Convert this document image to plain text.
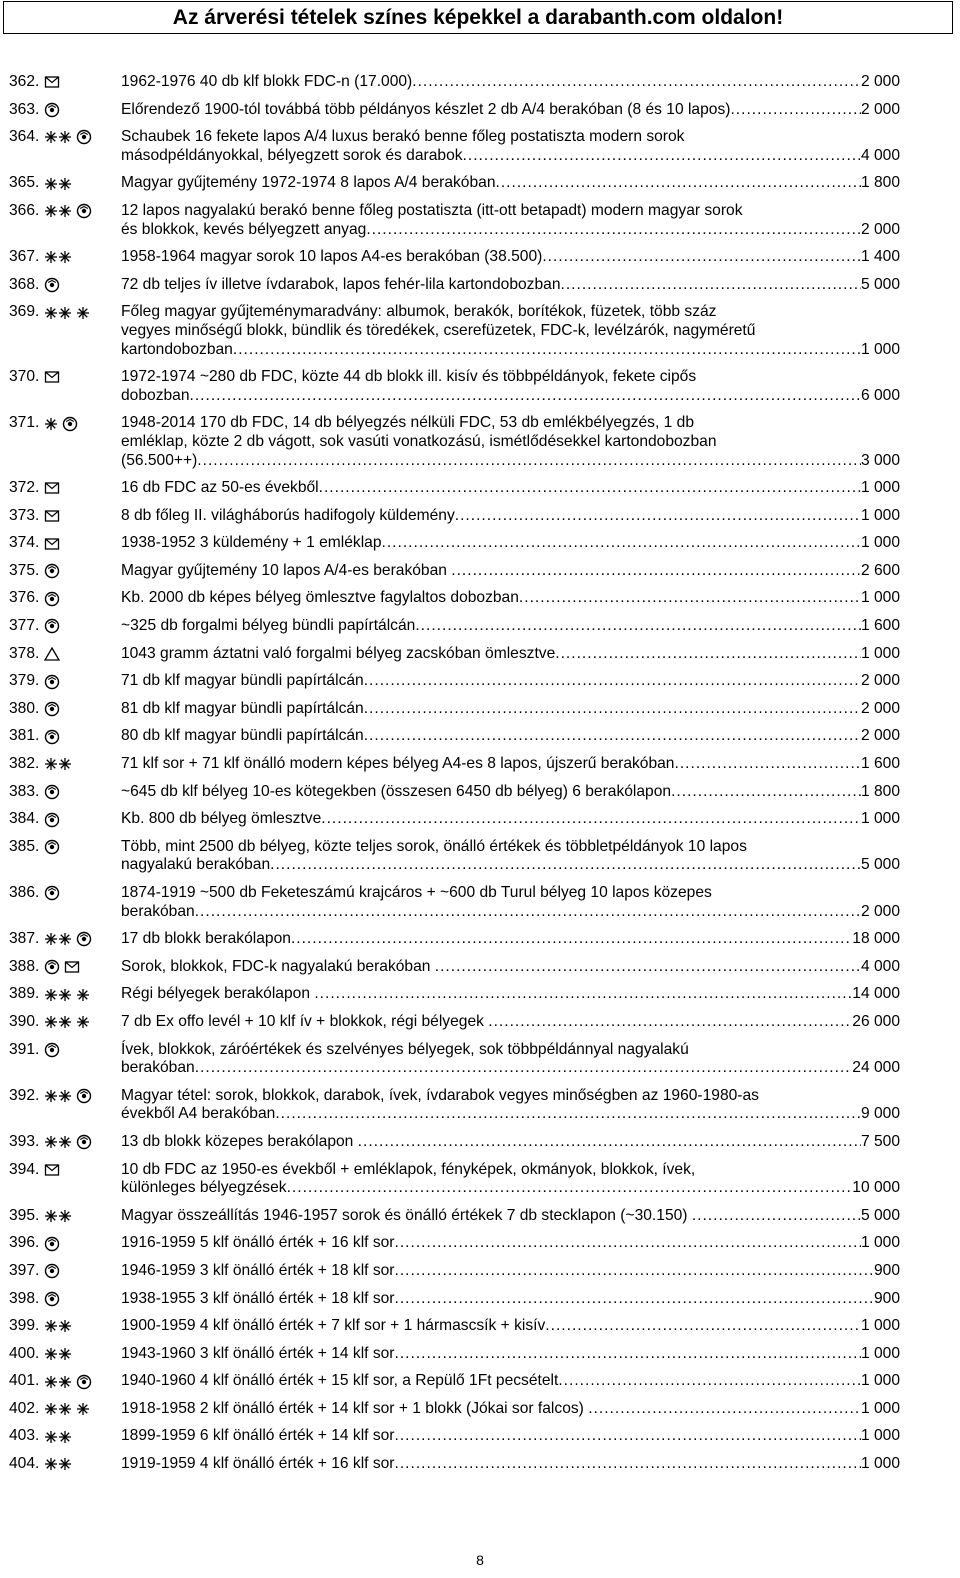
Az árverési tételek színes képekkel a darabanth.com oldalon!
362.	1962-1976 40 db klf blokk FDC-n (17.000) .....	2 000
363.	Előrendező 1900-tól továbbá több példányos készlet 2 db A/4 berakóban (8 és 10 lapos) .....	2 000
364.	Schaubek 16 fekete lapos A/4 luxus berakó benne főleg postatiszta modern sorok
másodpéldányokkal, bélyegzett sorok és darabok .....	4 000
365.	Magyar gyűjtemény 1972-1974 8 lapos A/4 berakóban .....	1 800
366.	12 lapos nagyalakú berakó benne főleg postatiszta (itt-ott betapadt) modern magyar sorok
és blokkok, kevés bélyegzett anyag .....	2 000
367.	1958-1964 magyar sorok 10 lapos A4-es berakóban (38.500) .....	1 400
368.	72 db teljes ív illetve ívdarabok, lapos fehér-lila kartondobozban .....	5 000
369.	Főleg magyar gyűjteménymaradvány: albumok, berakók, borítékok, füzetek, több száz
vegyes minőségű blokk, bündlik és töredékek, cserefüzetek, FDC-k, levélzárók, nagyméretű
kartondobozban .....	1 000
370.	1972-1974 ~280 db FDC, közte 44 db blokk ill. kisív és többpéldányok, fekete cipős
dobozban .....	6 000
371.	1948-2014 170 db FDC, 14 db bélyegzés nélküli FDC, 53 db emlékbélyegzés, 1 db
emléklap, közte 2 db vágott, sok vasúti vonatkozású, ismétlődésekkel kartondobozban
(56.500++) .....	3 000
372.	16 db FDC az 50-es évekből .....	1 000
373.	8 db főleg II. világháborús hadifogoly küldemény .....	1 000
374.	1938-1952 3 küldemény + 1 emléklap .....	1 000
375.	Magyar gyűjtemény 10 lapos A/4-es berakóban .....	2 600
376.	Kb. 2000 db képes bélyeg ömlesztve fagylaltos dobozban .....	1 000
377.	~325 db forgalmi bélyeg bündli papírtálcán .....	1 600
378.	1043 gramm áztatni való forgalmi bélyeg zacskóban ömlesztve .....	1 000
379.	71 db klf magyar bündli papírtálcán .....	2 000
380.	81 db klf magyar bündli papírtálcán .....	2 000
381.	80 db klf magyar bündli papírtálcán .....	2 000
382.	71 klf sor + 71 klf önálló modern képes bélyeg A4-es 8 lapos, újszerű berakóban .....	1 600
383.	~645 db klf bélyeg 10-es kötegekben (összesen 6450 db bélyeg) 6 berakólapon .....	1 800
384.	Kb. 800 db bélyeg ömlesztve .....	1 000
385.	Több, mint 2500 db bélyeg, közte teljes sorok, önálló értékek és többletpéldányok 10 lapos
nagyalakú berakóban .....	5 000
386.	1874-1919 ~500 db Feketeszámú krajcáros + ~600 db Turul bélyeg 10 lapos közepes
berakóban .....	2 000
387.	17 db blokk berakólapon .....	18 000
388.	Sorok, blokkok, FDC-k nagyalakú berakóban .....	4 000
389.	Régi bélyegek berakólapon .....	14 000
390.	7 db Ex offo levél + 10 klf ív + blokkok, régi bélyegek .....	26 000
391.	Ívek, blokkok, záróértékek és szelvényes bélyegek, sok többpéldánnyal nagyalakú
berakóban .....	24 000
392.	Magyar tétel: sorok, blokkok, darabok, ívek, ívdarabok vegyes minőségben az 1960-1980-as
évekből A4 berakóban .....	9 000
393.	13 db blokk közepes berakólapon .....	7 500
394.	10 db FDC az 1950-es évekből + emléklapok, fényképek, okmányok, blokkok, ívek,
különleges bélyegzések .....	10 000
395.	Magyar összeállítás 1946-1957 sorok és önálló értékek 7 db stecklapon (~30.150) .....	5 000
396.	1916-1959 5 klf önálló érték + 16 klf sor .....	1 000
397.	1946-1959 3 klf önálló érték + 18 klf sor .....	900
398.	1938-1955 3 klf önálló érték + 18 klf sor .....	900
399.	1900-1959 4 klf önálló érték + 7 klf sor + 1 hármascsík + kisív .....	1 000
400.	1943-1960 3 klf önálló érték + 14 klf sor .....	1 000
401.	1940-1960 4 klf önálló érték + 15 klf sor, a Repülő 1Ft pecsételt .....	1 000
402.	1918-1958 2 klf önálló érték + 14 klf sor + 1 blokk (Jókai sor falcos) .....	1 000
403.	1899-1959 6 klf önálló érték + 14 klf sor .....	1 000
404.	1919-1959 4 klf önálló érték + 16 klf sor .....	1 000
8
